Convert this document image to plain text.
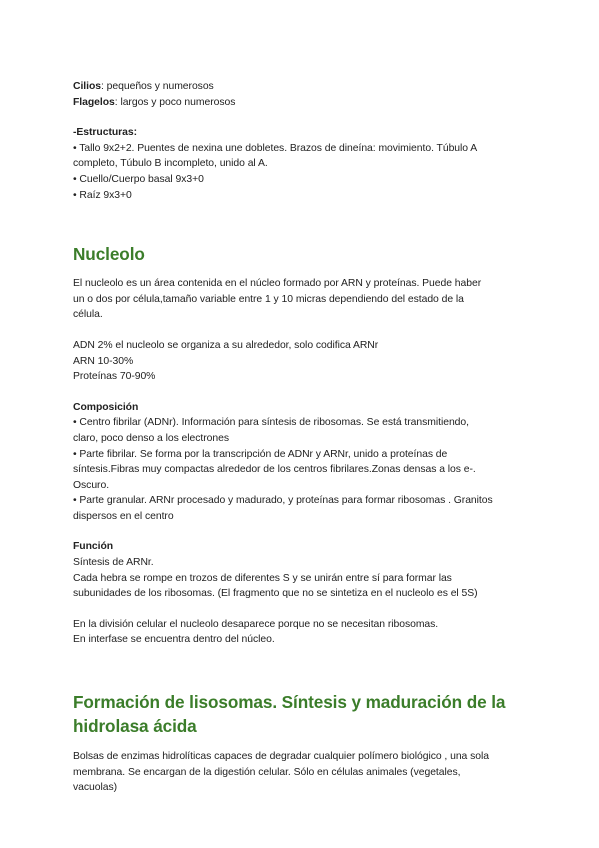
Cilios: pequeños y numerosos

Flagelos: largos y poco numerosos

-Estructuras:

• Tallo 9x2+2. Puentes de nexina une dobletes. Brazos de dineína: movimiento. Túbulo A

completo, Túbulo B incompleto, unido al A.

• Cuello/Cuerpo basal 9x3+0

• Raíz 9x3+0

Nucleolo

El nucleolo es un área contenida en el núcleo formado por ARN y proteínas. Puede haber

un o dos por célula,tamaño variable entre 1 y 10 micras dependiendo del estado de la

célula.

ADN 2% el nucleolo se organiza a su alrededor, solo codifica ARNr

ARN 10-30%

Proteínas 70-90%

Composición

• Centro fibrilar (ADNr). Información para síntesis de ribosomas. Se está transmitiendo,

claro, poco denso a los electrones

• Parte fibrilar. Se forma por la transcripción de ADNr y ARNr, unido a proteínas de

síntesis.Fibras muy compactas alrededor de los centros fibrilares.Zonas densas a los e-.

Oscuro.

• Parte granular. ARNr procesado y madurado, y proteínas para formar ribosomas . Granitos

dispersos en el centro

Función

Síntesis de ARNr.

Cada hebra se rompe en trozos de diferentes S y se unirán entre sí para formar las

subunidades de los ribosomas. (El fragmento que no se sintetiza en el nucleolo es el 5S)

En la división celular el nucleolo desaparece porque no se necesitan ribosomas.

En interfase se encuentra dentro del núcleo.

Formación de lisosomas. Síntesis y maduración de la
hidrolasa ácida

Bolsas de enzimas hidrolíticas capaces de degradar cualquier polímero biológico , una sola

membrana. Se encargan de la digestión celular. Sólo en células animales (vegetales,

vacuolas)
